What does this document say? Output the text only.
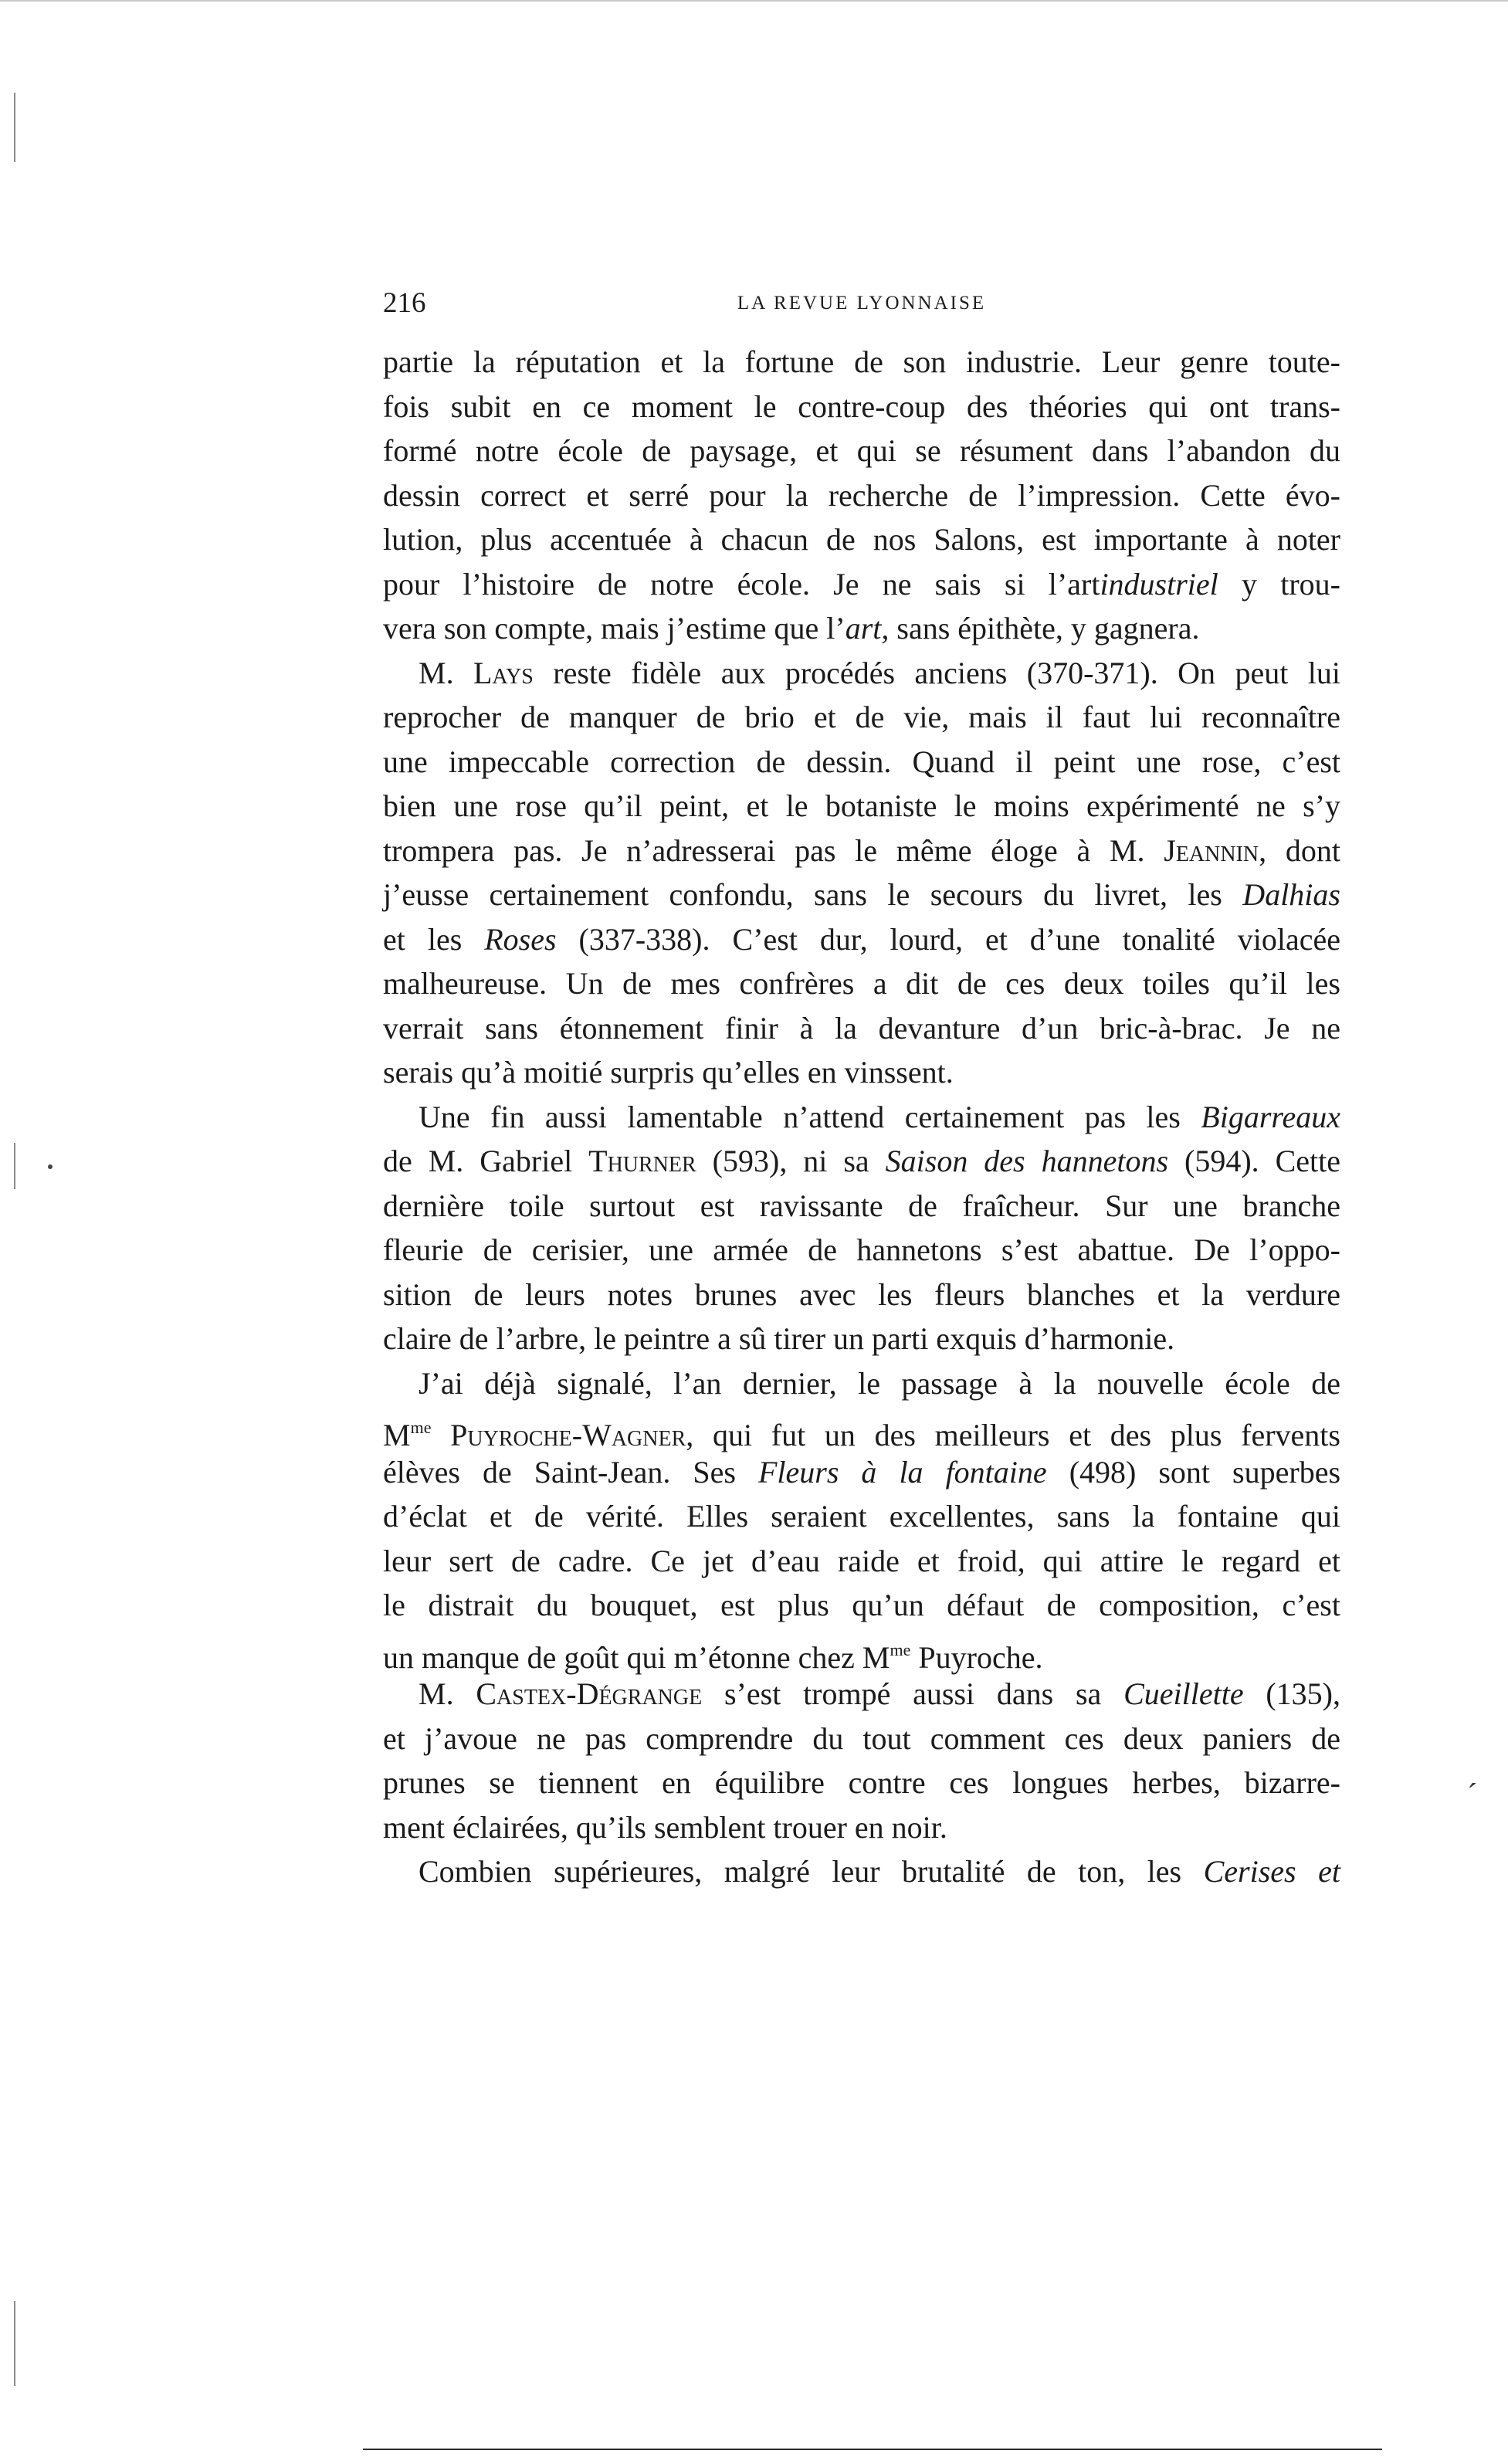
216	LA REVUE LYONNAISE
partie la réputation et la fortune de son industrie. Leur genre toute-
fois subit en ce moment le contre-coup des théories qui ont trans-
formé notre école de paysage, et qui se résument dans l’abandon du
dessin correct et serré pour la recherche de l’impression. Cette évo-
lution, plus accentuée à chacun de nos Salons, est importante à noter
pour l’histoire de notre école. Je ne sais si l’artindustriel y trou-
vera son compte, mais j’estime que l’art, sans épithète, y gagnera.
M. Lays reste fidèle aux procédés anciens (370-371). On peut lui
reprocher de manquer de brio et de vie, mais il faut lui reconnaître
une impeccable correction de dessin. Quand il peint une rose, c’est
bien une rose qu’il peint, et le botaniste le moins expérimenté ne s’y
trompera pas. Je n’adresserai pas le même éloge à M. Jeannin, dont
j’eusse certainement confondu, sans le secours du livret, les Dalhias
et les Roses (337-338). C’est dur, lourd, et d’une tonalité violacée
malheureuse. Un de mes confrères a dit de ces deux toiles qu’il les
verrait sans étonnement finir à la devanture d’un bric-à-brac. Je ne
serais qu’à moitié surpris qu’elles en vinssent.
Une fin aussi lamentable n’attend certainement pas les Bigarreaux
de M. Gabriel Thurner (593), ni sa Saison des hannetons (594). Cette
dernière toile surtout est ravissante de fraîcheur. Sur une branche
fleurie de cerisier, une armée de hannetons s’est abattue. De l’oppo-
sition de leurs notes brunes avec les fleurs blanches et la verdure
claire de l’arbre, le peintre a sû tirer un parti exquis d’harmonie.
J’ai déjà signalé, l’an dernier, le passage à la nouvelle école de
$M^{me}$ Puyroche-Wagner, qui fut un des meilleurs et des plus fervents
élèves de Saint-Jean. Ses Fleurs à la fontaine (498) sont superbes
d’éclat et de vérité. Elles seraient excellentes, sans la fontaine qui
leur sert de cadre. Ce jet d’eau raide et froid, qui attire le regard et
le distrait du bouquet, est plus qu’un défaut de composition, c’est
un manque de goût qui m’étonne chez $M^{me}$ Puyroche.
M. Castex-Dégrange s’est trompé aussi dans sa Cueillette (135),
et j’avoue ne pas comprendre du tout comment ces deux paniers de
prunes se tiennent en équilibre contre ces longues herbes, bizarre-
ment éclairées, qu’ils semblent trouer en noir.
Combien supérieures, malgré leur brutalité de ton, les Cerises et
ˊ
